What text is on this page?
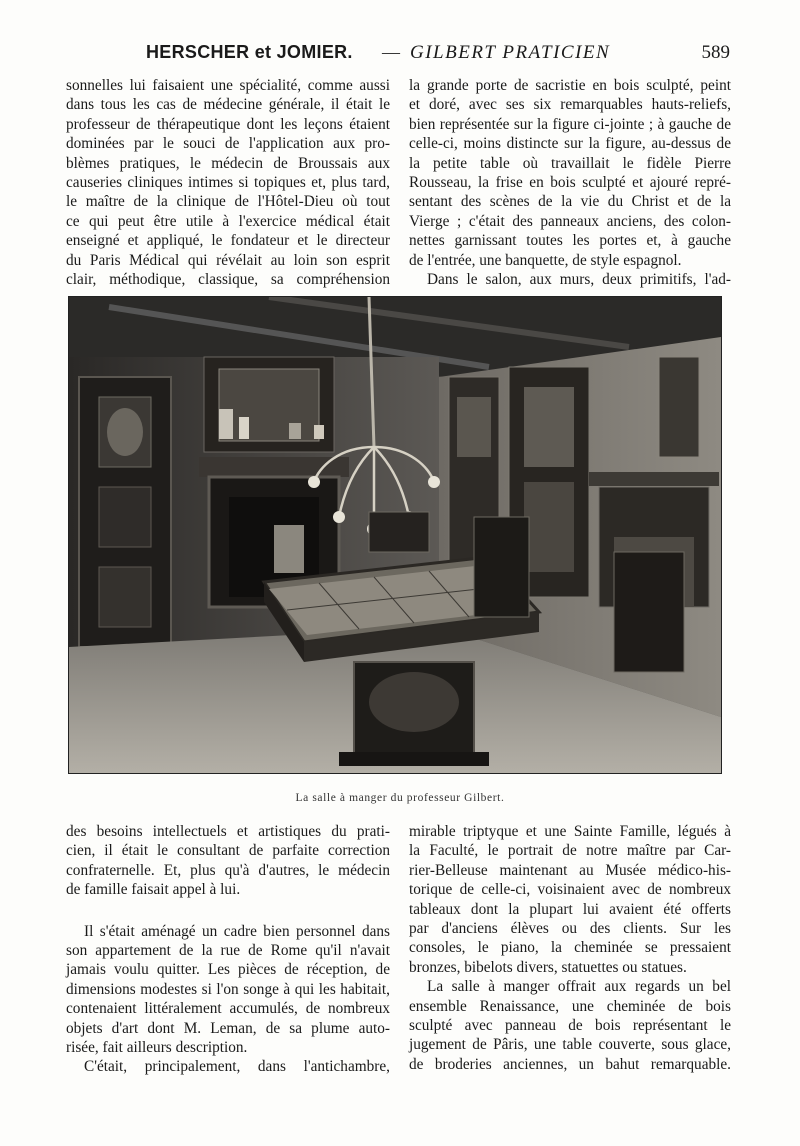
HERSCHER et JOMIER. — GILBERT PRATICIEN	589

sonnelles lui faisaient une spécialité, comme aussi
dans tous les cas de médecine générale, il était le
professeur de thérapeutique dont les leçons étaient
dominées par le souci de l'application aux pro-
blèmes pratiques, le médecin de Broussais aux
causeries cliniques intimes si topiques et, plus tard,
le maître de la clinique de l'Hôtel-Dieu où tout
ce qui peut être utile à l'exercice médical était
enseigné et appliqué, le fondateur et le directeur
du Paris Médical qui révélait au loin son esprit
clair, méthodique, classique, sa compréhension

la grande porte de sacristie en bois sculpté, peint
et doré, avec ses six remarquables hauts-reliefs,
bien représentée sur la figure ci-jointe ; à gauche de
celle-ci, moins distincte sur la figure, au-dessus de
la petite table où travaillait le fidèle Pierre
Rousseau, la frise en bois sculpté et ajouré repré-
sentant des scènes de la vie du Christ et de la
Vierge ; c'était des panneaux anciens, des colon-
nettes garnissant toutes les portes et, à gauche
de l'entrée, une banquette, de style espagnol.
Dans le salon, aux murs, deux primitifs, l'ad-

La salle à manger du professeur Gilbert.

des besoins intellectuels et artistiques du prati-
cien, il était le consultant de parfaite correction
confraternelle. Et, plus qu'à d'autres, le médecin
de famille faisait appel à lui.

Il s'était aménagé un cadre bien personnel dans
son appartement de la rue de Rome qu'il n'avait
jamais voulu quitter. Les pièces de réception, de
dimensions modestes si l'on songe à qui les habitait,
contenaient littéralement accumulés, de nombreux
objets d'art dont M. Leman, de sa plume auto-
risée, fait ailleurs description.

C'était, principalement, dans l'antichambre,

mirable triptyque et une Sainte Famille, légués à
la Faculté, le portrait de notre maître par Car-
rier-Belleuse maintenant au Musée médico-his-
torique de celle-ci, voisinaient avec de nombreux
tableaux dont la plupart lui avaient été offerts
par d'anciens élèves ou des clients. Sur les
consoles, le piano, la cheminée se pressaient
bronzes, bibelots divers, statuettes ou statues.

La salle à manger offrait aux regards un bel
ensemble Renaissance, une cheminée de bois
sculpté avec panneau de bois représentant le
jugement de Pâris, une table couverte, sous glace,
de broderies anciennes, un bahut remarquable.
